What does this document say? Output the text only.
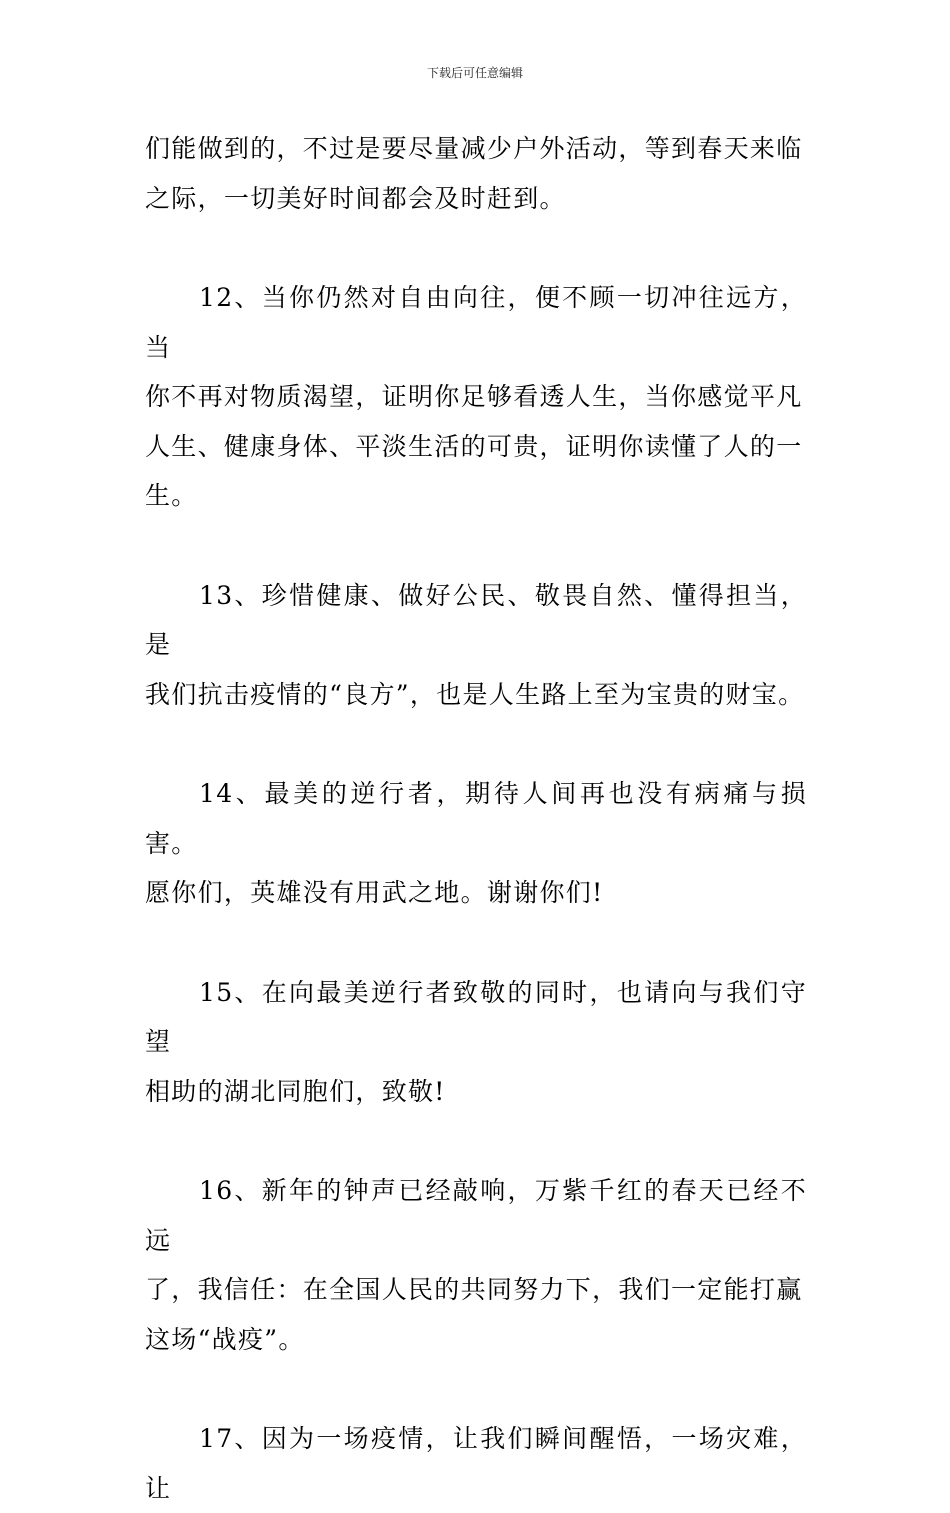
下载后可任意编辑

们能做到的，不过是要尽量减少户外活动，等到春天来临

之际，一切美好时间都会及时赶到。

12、当你仍然对自由向往，便不顾一切冲往远方，当

你不再对物质渴望，证明你足够看透人生，当你感觉平凡

人生、健康身体、平淡生活的可贵，证明你读懂了人的一

生。

13、珍惜健康、做好公民、敬畏自然、懂得担当，是

我们抗击疫情的“良方”，也是人生路上至为宝贵的财宝。

14、最美的逆行者，期待人间再也没有病痛与损害。

愿你们，英雄没有用武之地。谢谢你们!

15、在向最美逆行者致敬的同时，也请向与我们守望

相助的湖北同胞们，致敬!

16、新年的钟声已经敲响，万紫千红的春天已经不远

了，我信任：在全国人民的共同努力下，我们一定能打赢

这场“战疫”。

17、因为一场疫情，让我们瞬间醒悟，一场灾难，让
